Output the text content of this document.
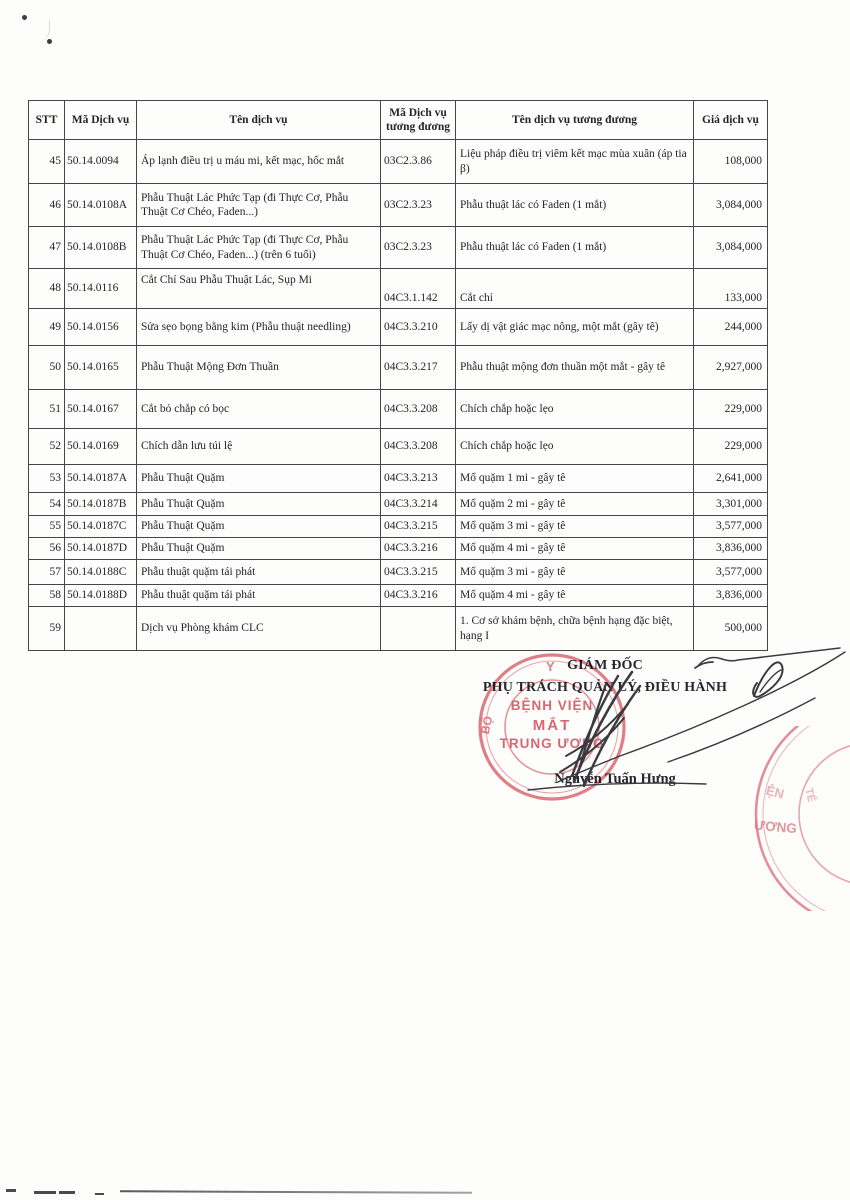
STT	Mã Dịch vụ	Tên dịch vụ	Mã Dịch vụ tương đương	Tên dịch vụ tương đương	Giá dịch vụ
45	50.14.0094	Áp lạnh điều trị u máu mi, kết mạc, hốc mắt	03C2.3.86	Liệu pháp điều trị viêm kết mạc mùa xuân (áp tia β)	108,000
46	50.14.0108A	Phẫu Thuật Lác Phức Tạp (đi Thực Cơ, Phẫu Thuật Cơ Chéo, Faden...)	03C2.3.23	Phẫu thuật lác có Faden (1 mắt)	3,084,000
47	50.14.0108B	Phẫu Thuật Lác Phức Tạp (đi Thực Cơ, Phẫu Thuật Cơ Chéo, Faden...) (trên 6 tuổi)	03C2.3.23	Phẫu thuật lác có Faden (1 mắt)	3,084,000
48	50.14.0116	Cắt Chỉ Sau Phẫu Thuật Lác, Sụp Mi	04C3.1.142	Cắt chỉ	133,000
49	50.14.0156	Sửa sẹo bọng bằng kim (Phẫu thuật needling)	04C3.3.210	Lấy dị vật giác mạc nông, một mắt (gây tê)	244,000
50	50.14.0165	Phẫu Thuật Mộng Đơn Thuần	04C3.3.217	Phẫu thuật mộng đơn thuần một mắt - gây tê	2,927,000
51	50.14.0167	Cắt bỏ chắp có bọc	04C3.3.208	Chích chắp hoặc lẹo	229,000
52	50.14.0169	Chích dẫn lưu túi lệ	04C3.3.208	Chích chắp hoặc lẹo	229,000
53	50.14.0187A	Phẫu Thuật Quặm	04C3.3.213	Mổ quặm 1 mi - gây tê	2,641,000
54	50.14.0187B	Phẫu Thuật Quặm	04C3.3.214	Mổ quặm 2 mi - gây tê	3,301,000
55	50.14.0187C	Phẫu Thuật Quặm	04C3.3.215	Mổ quặm 3 mi - gây tê	3,577,000
56	50.14.0187D	Phẫu Thuật Quặm	04C3.3.216	Mổ quặm 4 mi - gây tê	3,836,000
57	50.14.0188C	Phẫu thuật quặm tái phát	04C3.3.215	Mổ quặm 3 mi - gây tê	3,577,000
58	50.14.0188D	Phẫu thuật quặm tái phát	04C3.3.216	Mổ quặm 4 mi - gây tê	3,836,000
59		Dịch vụ Phòng khám CLC		1. Cơ sở khám bệnh, chữa bệnh hạng đặc biệt, hạng I	500,000
GIÁM ĐỐC
PHỤ TRÁCH QUẢN LÝ, ĐIỀU HÀNH
Nguyễn Tuấn Hưng
Y
BỘ
BỆNH VIỆN
MẮT
TRUNG ƯƠNG
ỆN
ƯƠNG
TẾ
